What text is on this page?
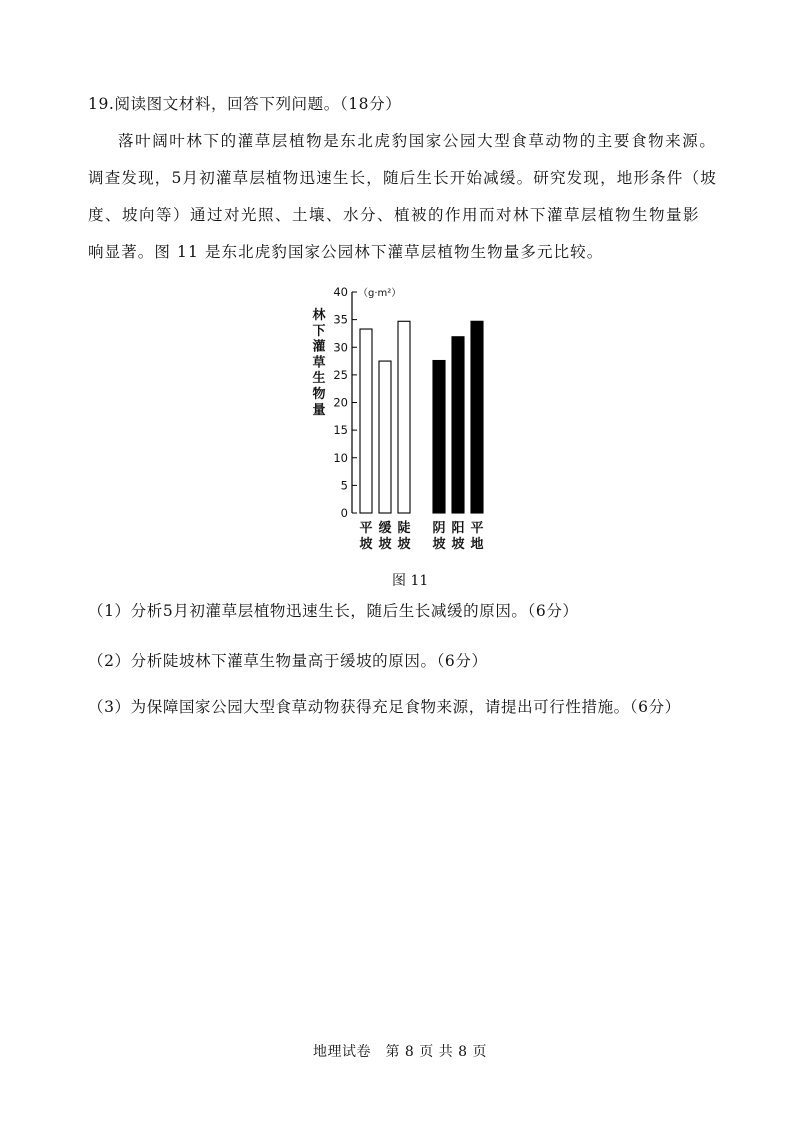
19.阅读图文材料，回答下列问题。（18分）
落叶阔叶林下的灌草层植物是东北虎豹国家公园大型食草动物的主要食物来源。
调查发现，5月初灌草层植物迅速生长，随后生长开始减缓。研究发现，地形条件（坡
度、坡向等）通过对光照、土壤、水分、植被的作用而对林下灌草层植物生物量影
响显著。图 11 是东北虎豹国家公园林下灌草层植物生物量多元比较。
0
5
10
15
20
25
30
35
40 （g·m²）
林
下
灌
草
生
物
量
平
坡
缓
坡
陡
坡
阴
坡
阳
坡
平
地
图 11
（1）分析5月初灌草层植物迅速生长，随后生长减缓的原因。（6分）
（2）分析陡坡林下灌草生物量高于缓坡的原因。（6分）
（3）为保障国家公园大型食草动物获得充足食物来源，请提出可行性措施。（6分）
地理试卷　第 8 页 共 8 页
